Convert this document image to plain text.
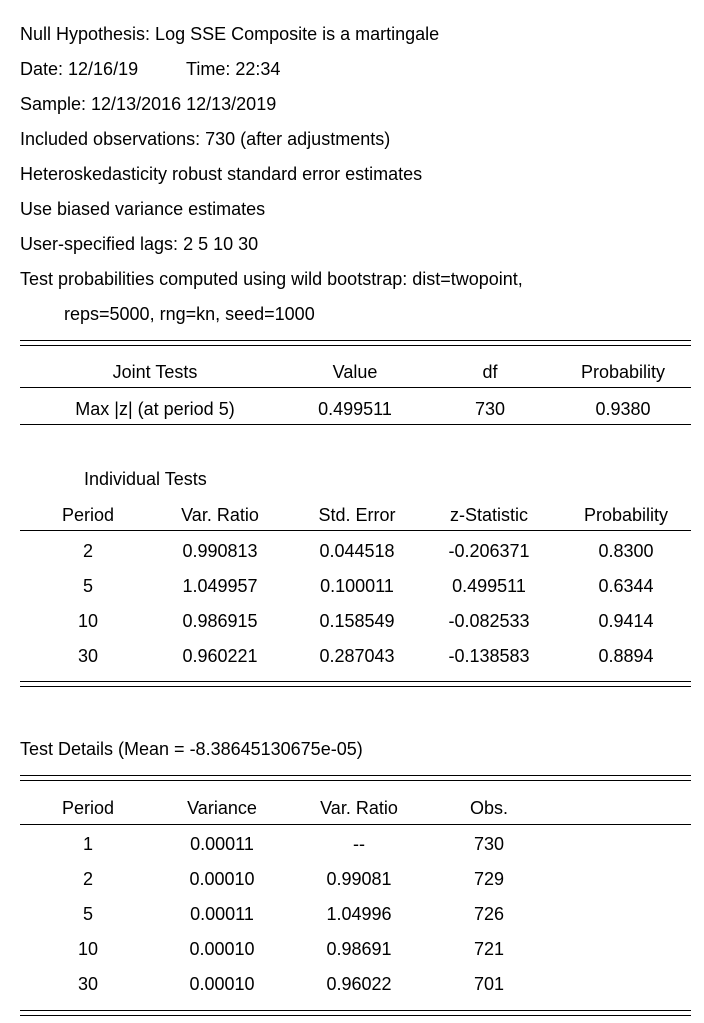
Null Hypothesis: Log SSE Composite is a martingale
Date: 12/16/19	Time: 22:34
Sample: 12/13/2016 12/13/2019
Included observations: 730 (after adjustments)
Heteroskedasticity robust standard error estimates
Use biased variance estimates
User-specified lags: 2 5 10 30
Test probabilities computed using wild bootstrap: dist=twopoint,
reps=5000, rng=kn, seed=1000
Joint Tests	Value	df	Probability
Max |z| (at period 5)	0.499511	730	0.9380
Individual Tests
Period	Var. Ratio	Std. Error	z-Statistic	Probability
2	0.990813	0.044518	-0.206371	0.8300
5	1.049957	0.100011	0.499511	0.6344
10	0.986915	0.158549	-0.082533	0.9414
30	0.960221	0.287043	-0.138583	0.8894
Test Details (Mean = -8.38645130675e-05)
Period	Variance	Var. Ratio	Obs.
1	0.00011	--	730
2	0.00010	0.99081	729
5	0.00011	1.04996	726
10	0.00010	0.98691	721
30	0.00010	0.96022	701
